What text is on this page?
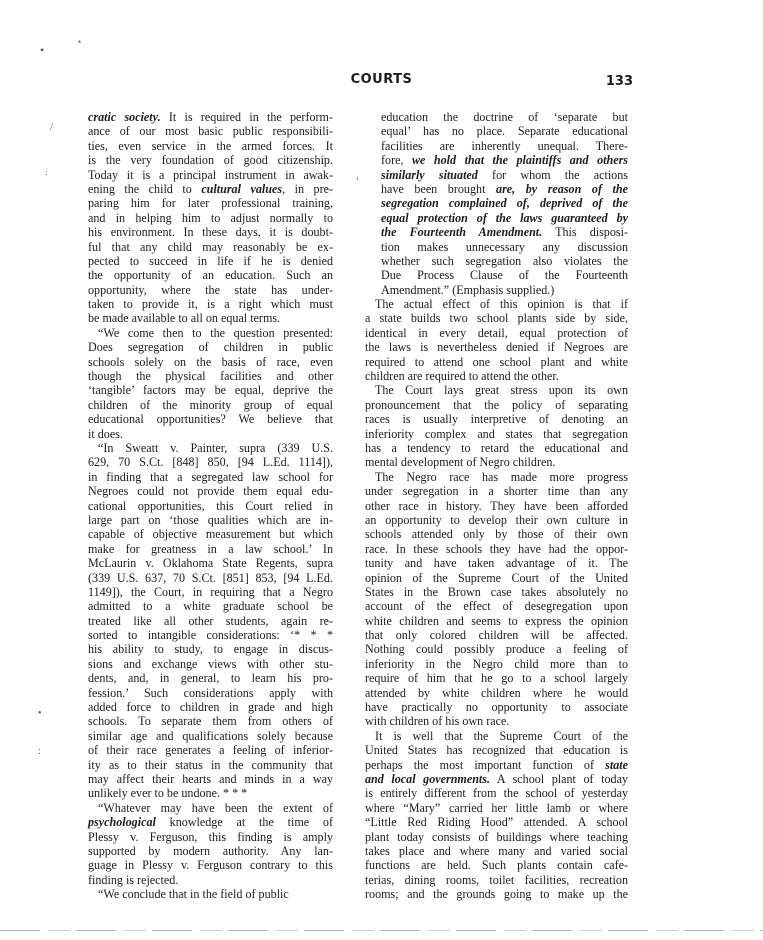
COURTS	133
cratic society. It is required in the perform-
ance of our most basic public responsibili-
ties, even service in the armed forces. It
is the very foundation of good citizenship.
Today it is a principal instrument in awak-
ening the child to cultural values, in pre-
paring him for later professional training,
and in helping him to adjust normally to
his environment. In these days, it is doubt-
ful that any child may reasonably be ex-
pected to succeed in life if he is denied
the opportunity of an education. Such an
opportunity, where the state has under-
taken to provide it, is a right which must
be made available to all on equal terms.
“We come then to the question presented:
Does segregation of children in public
schools solely on the basis of race, even
though the physical facilities and other
‘tangible’ factors may be equal, deprive the
children of the minority group of equal
educational opportunities? We believe that
it does.
“In Sweatt v. Painter, supra (339 U.S.
629, 70 S.Ct. [848] 850, [94 L.Ed. 1114]),
in finding that a segregated law school for
Negroes could not provide them equal edu-
cational opportunities, this Court relied in
large part on ‘those qualities which are in-
capable of objective measurement but which
make for greatness in a law school.’ In
McLaurin v. Oklahoma State Regents, supra
(339 U.S. 637, 70 S.Ct. [851] 853, [94 L.Ed.
1149]), the Court, in requiring that a Negro
admitted to a white graduate school be
treated like all other students, again re-
sorted to intangible considerations: ‘* * *
his ability to study, to engage in discus-
sions and exchange views with other stu-
dents, and, in general, to learn his pro-
fession.’ Such considerations apply with
added force to children in grade and high
schools. To separate them from others of
similar age and qualifications solely because
of their race generates a feeling of inferior-
ity as to their status in the community that
may affect their hearts and minds in a way
unlikely ever to be undone. * * *
“Whatever may have been the extent of
psychological knowledge at the time of
Plessy v. Ferguson, this finding is amply
supported by modern authority. Any lan-
guage in Plessy v. Ferguson contrary to this
finding is rejected.
“We conclude that in the field of public
education the doctrine of ‘separate but
equal’ has no place. Separate educational
facilities are inherently unequal. There-
fore, we hold that the plaintiffs and others
similarly situated for whom the actions
have been brought are, by reason of the
segregation complained of, deprived of the
equal protection of the laws guaranteed by
the Fourteenth Amendment. This disposi-
tion makes unnecessary any discussion
whether such segregation also violates the
Due Process Clause of the Fourteenth
Amendment.” (Emphasis supplied.)
The actual effect of this opinion is that if
a state builds two school plants side by side,
identical in every detail, equal protection of
the laws is nevertheless denied if Negroes are
required to attend one school plant and white
children are required to attend the other.
The Court lays great stress upon its own
pronouncement that the policy of separating
races is usually interpretive of denoting an
inferiority complex and states that segregation
has a tendency to retard the educational and
mental development of Negro children.
The Negro race has made more progress
under segregation in a shorter time than any
other race in history. They have been afforded
an opportunity to develop their own culture in
schools attended only by those of their own
race. In these schools they have had the oppor-
tunity and have taken advantage of it. The
opinion of the Supreme Court of the United
States in the Brown case takes absolutely no
account of the effect of desegregation upon
white children and seems to express the opinion
that only colored children will be affected.
Nothing could possibly produce a feeling of
inferiority in the Negro child more than to
require of him that he go to a school largely
attended by white children where he would
have practically no opportunity to associate
with children of his own race.
It is well that the Supreme Court of the
United States has recognized that education is
perhaps the most important function of state
and local governments. A school plant of today
is entirely different from the school of yesterday
where “Mary” carried her little lamb or where
“Little Red Riding Hood” attended. A school
plant today consists of buildings where teaching
takes place and where many and varied social
functions are held. Such plants contain cafe-
terias, dining rooms, toilet facilities, recreation
rooms; and the grounds going to make up the
•
•
/
:
•
:
‹
